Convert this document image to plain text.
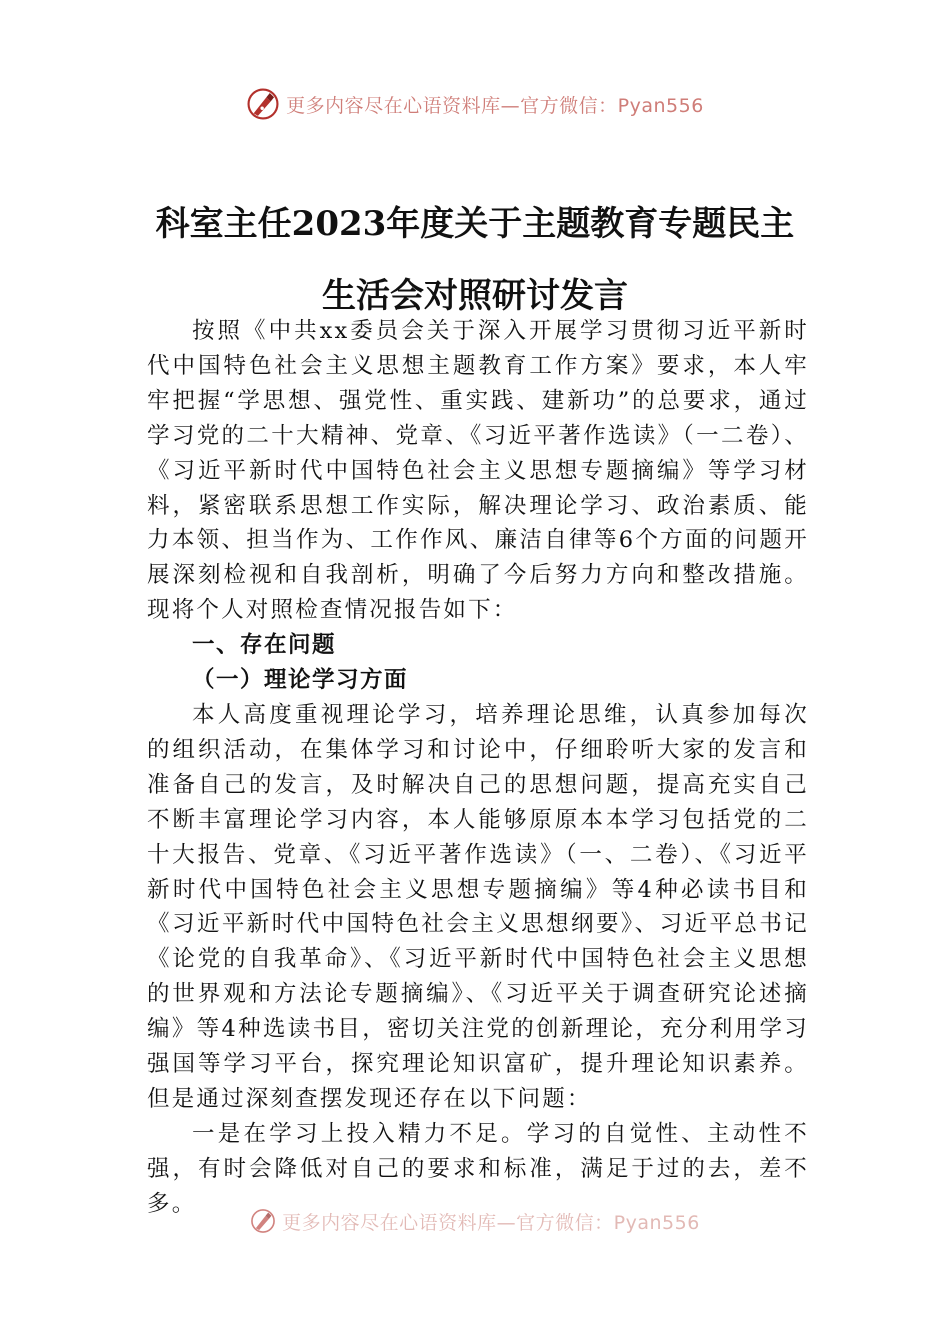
更多内容尽在心语资料库—官方微信：Pyan556
科室主任2023年度关于主题教育专题民主
生活会对照研讨发言

按照《中共xx委员会关于深入开展学习贯彻习近平新时代中国特色社会主义思想主题教育工作方案》要求，本人牢牢把握“学思想、强党性、重实践、建新功”的总要求，通过学习党的二十大精神、党章、《习近平著作选读》（一二卷）、《习近平新时代中国特色社会主义思想专题摘编》等学习材料，紧密联系思想工作实际，解决理论学习、政治素质、能力本领、担当作为、工作作风、廉洁自律等6个方面的问题开展深刻检视和自我剖析，明确了今后努力方向和整改措施。现将个人对照检查情况报告如下：

一、存在问题

（一）理论学习方面

本人高度重视理论学习，培养理论思维，认真参加每次的组织活动，在集体学习和讨论中，仔细聆听大家的发言和准备自己的发言，及时解决自己的思想问题，提高充实自己不断丰富理论学习内容，本人能够原原本本学习包括党的二十大报告、党章、《习近平著作选读》（一、二卷）、《习近平新时代中国特色社会主义思想专题摘编》等4种必读书目和《习近平新时代中国特色社会主义思想纲要》、习近平总书记《论党的自我革命》、《习近平新时代中国特色社会主义思想的世界观和方法论专题摘编》、《习近平关于调查研究论述摘编》等4种选读书目，密切关注党的创新理论，充分利用学习强国等学习平台，探究理论知识富矿，提升理论知识素养。但是通过深刻查摆发现还存在以下问题：

一是在学习上投入精力不足。学习的自觉性、主动性不强，有时会降低对自己的要求和标准，满足于过的去，差不多。

更多内容尽在心语资料库—官方微信：Pyan556
